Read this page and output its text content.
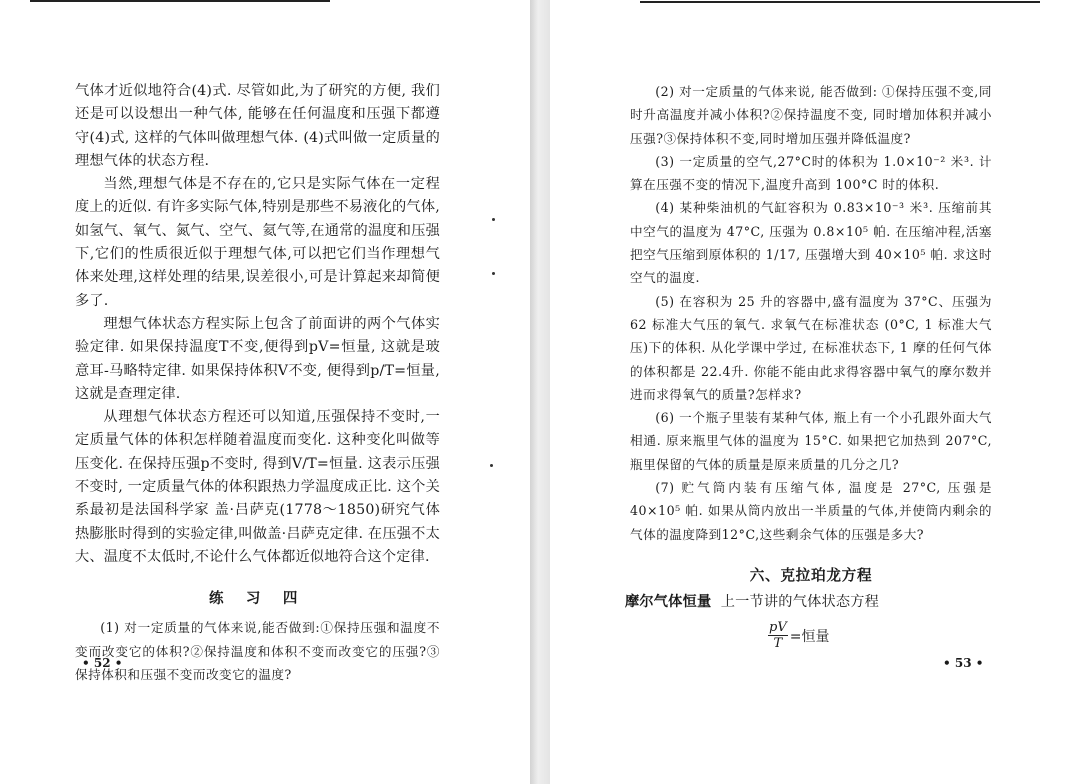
气体才近似地符合(4)式. 尽管如此,为了研究的方便, 我们还是可以设想出一种气体, 能够在任何温度和压强下都遵守(4)式, 这样的气体叫做理想气体. (4)式叫做一定质量的理想气体的状态方程.

当然,理想气体是不存在的,它只是实际气体在一定程度上的近似. 有许多实际气体,特别是那些不易液化的气体,如氢气、氧气、氮气、空气、氦气等,在通常的温度和压强下,它们的性质很近似于理想气体,可以把它们当作理想气体来处理,这样处理的结果,误差很小,可是计算起来却简便多了.

理想气体状态方程实际上包含了前面讲的两个气体实验定律. 如果保持温度T不变,便得到pV=恒量, 这就是玻意耳-马略特定律. 如果保持体积V不变, 便得到p/T=恒量, 这就是查理定律.

从理想气体状态方程还可以知道,压强保持不变时,一定质量气体的体积怎样随着温度而变化. 这种变化叫做等压变化. 在保持压强p不变时, 得到V/T=恒量. 这表示压强不变时, 一定质量气体的体积跟热力学温度成正比. 这个关系最初是法国科学家 盖·吕萨克(1778～1850)研究气体热膨胀时得到的实验定律,叫做盖·吕萨克定律. 在压强不太大、温度不太低时,不论什么气体都近似地符合这个定律.

练 习 四

(1) 对一定质量的气体来说,能否做到:①保持压强和温度不变而改变它的体积?②保持温度和体积不变而改变它的压强?③保持体积和压强不变而改变它的温度?

• 52 •

(2) 对一定质量的气体来说, 能否做到: ①保持压强不变,同时升高温度并减小体积?②保持温度不变, 同时增加体积并减小压强?③保持体积不变,同时增加压强并降低温度?

(3) 一定质量的空气,27°C时的体积为 1.0×10⁻² 米³. 计算在压强不变的情况下,温度升高到 100°C 时的体积.

(4) 某种柴油机的气缸容积为 0.83×10⁻³ 米³. 压缩前其中空气的温度为 47°C, 压强为 0.8×10⁵ 帕. 在压缩冲程,活塞把空气压缩到原体积的 1/17, 压强增大到 40×10⁵ 帕. 求这时空气的温度.

(5) 在容积为 25 升的容器中,盛有温度为 37°C、压强为 62 标准大气压的氧气. 求氧气在标准状态 (0°C, 1 标准大气压)下的体积. 从化学课中学过, 在标准状态下, 1 摩的任何气体的体积都是 22.4升. 你能不能由此求得容器中氧气的摩尔数并进而求得氧气的质量?怎样求?

(6) 一个瓶子里装有某种气体, 瓶上有一个小孔跟外面大气相通. 原来瓶里气体的温度为 15°C. 如果把它加热到 207°C, 瓶里保留的气体的质量是原来质量的几分之几?

(7) 贮气筒内装有压缩气体, 温度是 27°C, 压强是 40×10⁵ 帕. 如果从筒内放出一半质量的气体,并使筒内剩余的气体的温度降到12°C,这些剩余气体的压强是多大?

六、克拉珀龙方程

摩尔气体恒量 上一节讲的气体状态方程

$\frac{pV}{T}$ =恒量
• 53 •
